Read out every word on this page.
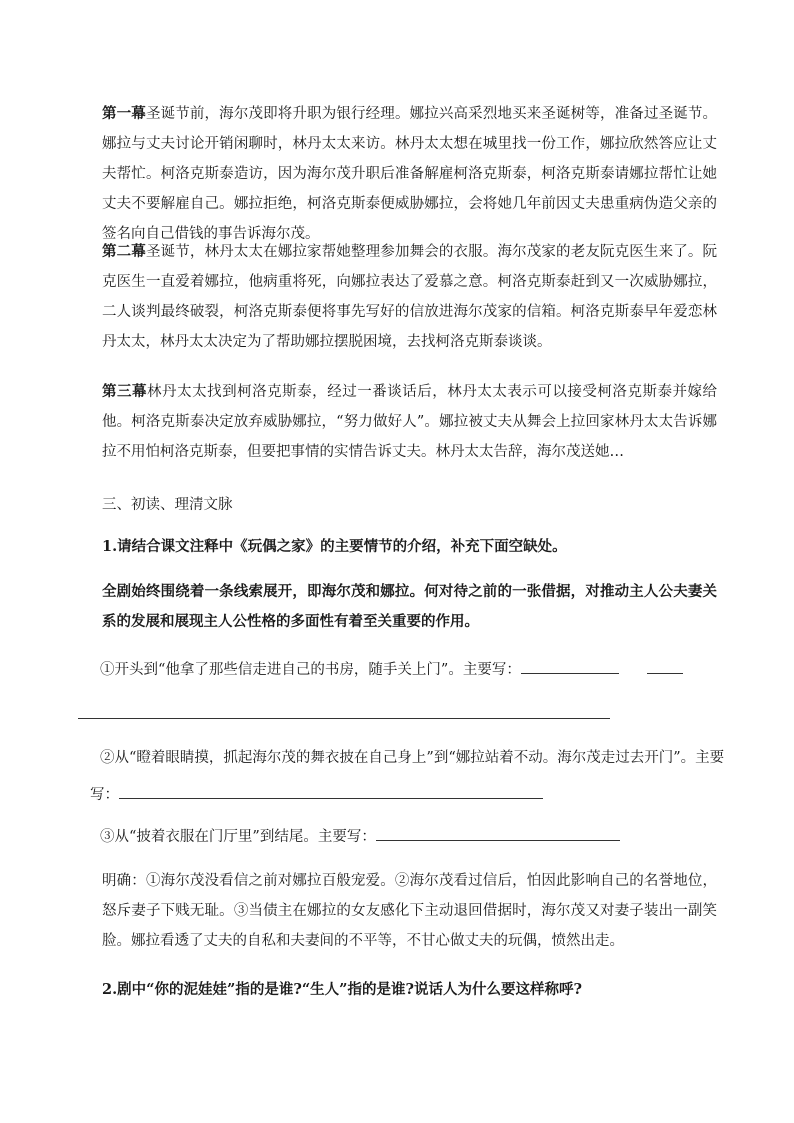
第一幕圣诞节前，海尔茂即将升职为银行经理。娜拉兴高采烈地买来圣诞树等，准备过圣诞节。娜拉与丈夫讨论开销闲聊时，林丹太太来访。林丹太太想在城里找一份工作，娜拉欣然答应让丈夫帮忙。柯洛克斯泰造访，因为海尔茂升职后准备解雇柯洛克斯泰，柯洛克斯泰请娜拉帮忙让她丈夫不要解雇自己。娜拉拒绝，柯洛克斯泰便威胁娜拉，会将她几年前因丈夫患重病伪造父亲的签名向自己借钱的事告诉海尔茂。

第二幕圣诞节，林丹太太在娜拉家帮她整理参加舞会的衣服。海尔茂家的老友阮克医生来了。阮克医生一直爱着娜拉，他病重将死，向娜拉表达了爱慕之意。柯洛克斯泰赶到又一次威胁娜拉，二人谈判最终破裂，柯洛克斯泰便将事先写好的信放进海尔茂家的信箱。柯洛克斯泰早年爱恋林丹太太，林丹太太决定为了帮助娜拉摆脱困境，去找柯洛克斯泰谈谈。

第三幕林丹太太找到柯洛克斯泰，经过一番谈话后，林丹太太表示可以接受柯洛克斯泰并嫁给他。柯洛克斯泰决定放弃威胁娜拉，“努力做好人”。娜拉被丈夫从舞会上拉回家林丹太太告诉娜拉不用怕柯洛克斯泰，但要把事情的实情告诉丈夫。林丹太太告辞，海尔茂送她…

三、初读、理清文脉

1.请结合课文注释中《玩偶之家》的主要情节的介绍，补充下面空缺处。

全剧始终围绕着一条线索展开，即海尔茂和娜拉。何对待之前的一张借据，对推动主人公夫妻关系的发展和展现主人公性格的多面性有着至关重要的作用。

①开头到“他拿了那些信走进自己的书房，随手关上门”。主要写：

②从“瞪着眼睛摸，抓起海尔茂的舞衣披在自己身上”到“娜拉站着不动。海尔茂走过去开门”。主要

写：

③从“披着衣服在门厅里”到结尾。主要写：

明确：①海尔茂没看信之前对娜拉百般宠爱。②海尔茂看过信后，怕因此影响自己的名誉地位，怒斥妻子下贱无耻。③当债主在娜拉的女友感化下主动退回借据时，海尔茂又对妻子装出一副笑脸。娜拉看透了丈夫的自私和夫妻间的不平等，不甘心做丈夫的玩偶，愤然出走。

2.剧中“你的泥娃娃”指的是谁?“生人”指的是谁?说话人为什么要这样称呼?
